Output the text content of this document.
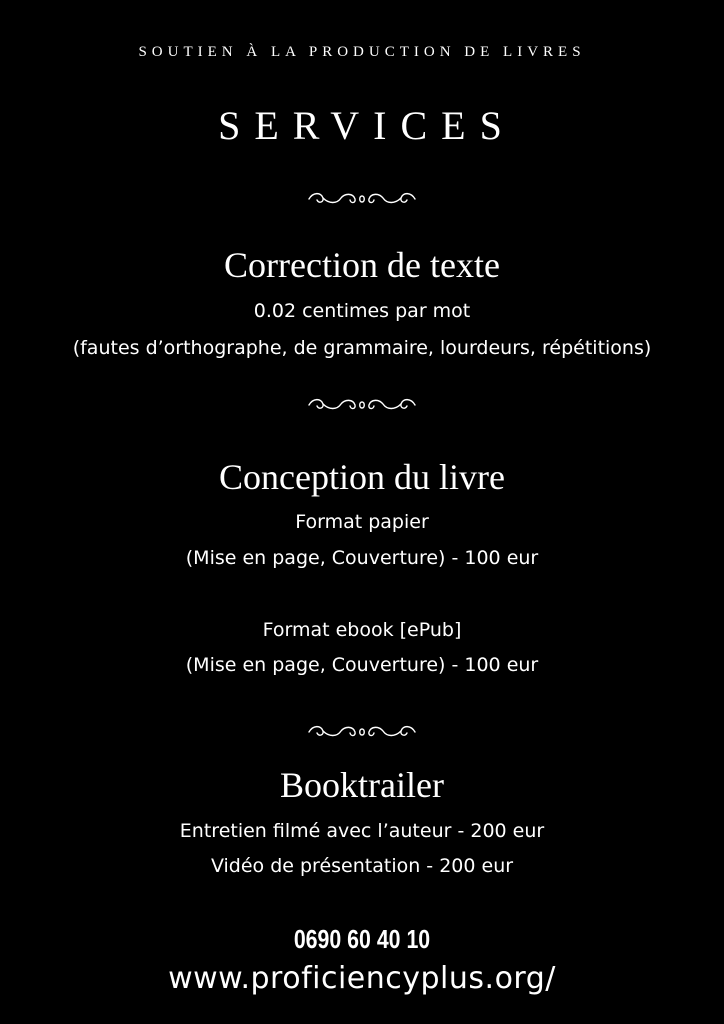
SOUTIEN À LA PRODUCTION DE LIVRES
SERVICES
Correction de texte
0.02 centimes par mot
(fautes d’orthographe, de grammaire, lourdeurs, répétitions)
Conception du livre
Format papier
(Mise en page, Couverture) - 100 eur
Format ebook [ePub]
(Mise en page, Couverture) - 100 eur
Booktrailer
Entretien filmé avec l’auteur - 200 eur
Vidéo de présentation - 200 eur
0690 60 40 10
www.proficiencyplus.org/
